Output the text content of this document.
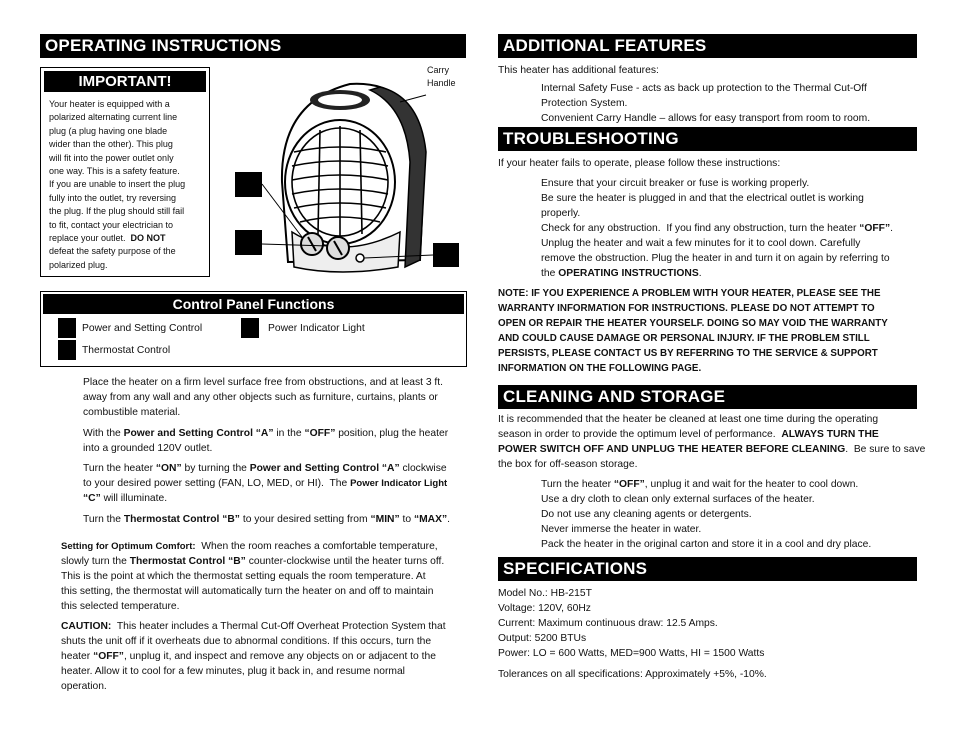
OPERATING INSTRUCTIONS
IMPORTANT!
Your heater is equipped with a
polarized alternating current line
plug (a plug having one blade
wider than the other). This plug
will fit into the power outlet only
one way. This is a safety feature.
If you are unable to insert the plug
fully into the outlet, try reversing
the plug. If the plug should still fail
to fit, contact your electrician to
replace your outlet.  DO NOT
defeat the safety purpose of the
polarized plug.
Carry
Handle
Control Panel Functions
Power and Setting Control	Power Indicator Light
Thermostat Control
Place the heater on a firm level surface free from obstructions, and at least 3 ft.
away from any wall and any other objects such as furniture, curtains, plants or
combustible material.
With the Power and Setting Control “A” in the “OFF” position, plug the heater
into a grounded 120V outlet.
Turn the heater “ON” by turning the Power and Setting Control “A” clockwise
to your desired power setting (FAN, LO, MED, or HI).  The Power Indicator Light
“C” will illuminate.
Turn the Thermostat Control “B” to your desired setting from “MIN” to “MAX”.
Setting for Optimum Comfort:  When the room reaches a comfortable temperature,
slowly turn the Thermostat Control “B” counter-clockwise until the heater turns off.
This is the point at which the thermostat setting equals the room temperature. At
this setting, the thermostat will automatically turn the heater on and off to maintain
this selected temperature.
CAUTION:  This heater includes a Thermal Cut-Off Overheat Protection System that
shuts the unit off if it overheats due to abnormal conditions. If this occurs, turn the
heater “OFF”, unplug it, and inspect and remove any objects on or adjacent to the
heater. Allow it to cool for a few minutes, plug it back in, and resume normal
operation.
ADDITIONAL FEATURES
This heater has additional features:
Internal Safety Fuse - acts as back up protection to the Thermal Cut-Off
Protection System.
Convenient Carry Handle – allows for easy transport from room to room.
TROUBLESHOOTING
If your heater fails to operate, please follow these instructions:
Ensure that your circuit breaker or fuse is working properly.
Be sure the heater is plugged in and that the electrical outlet is working
properly.
Check for any obstruction.  If you find any obstruction, turn the heater “OFF”.
Unplug the heater and wait a few minutes for it to cool down. Carefully
remove the obstruction. Plug the heater in and turn it on again by referring to
the OPERATING INSTRUCTIONS.
NOTE: IF YOU EXPERIENCE A PROBLEM WITH YOUR HEATER, PLEASE SEE THE
WARRANTY INFORMATION FOR INSTRUCTIONS. PLEASE DO NOT ATTEMPT TO
OPEN OR REPAIR THE HEATER YOURSELF. DOING SO MAY VOID THE WARRANTY
AND COULD CAUSE DAMAGE OR PERSONAL INJURY. IF THE PROBLEM STILL
PERSISTS, PLEASE CONTACT US BY REFERRING TO THE SERVICE & SUPPORT
INFORMATION ON THE FOLLOWING PAGE.
CLEANING AND STORAGE
It is recommended that the heater be cleaned at least one time during the operating
season in order to provide the optimum level of performance.  ALWAYS TURN THE
POWER SWITCH OFF AND UNPLUG THE HEATER BEFORE CLEANING.  Be sure to save
the box for off-season storage.
Turn the heater “OFF”, unplug it and wait for the heater to cool down.
Use a dry cloth to clean only external surfaces of the heater.
Do not use any cleaning agents or detergents.
Never immerse the heater in water.
Pack the heater in the original carton and store it in a cool and dry place.
SPECIFICATIONS
Model No.: HB-215T
Voltage: 120V, 60Hz
Current: Maximum continuous draw: 12.5 Amps.
Output: 5200 BTUs
Power: LO = 600 Watts, MED=900 Watts, HI = 1500 Watts
Tolerances on all specifications: Approximately +5%, -10%.
